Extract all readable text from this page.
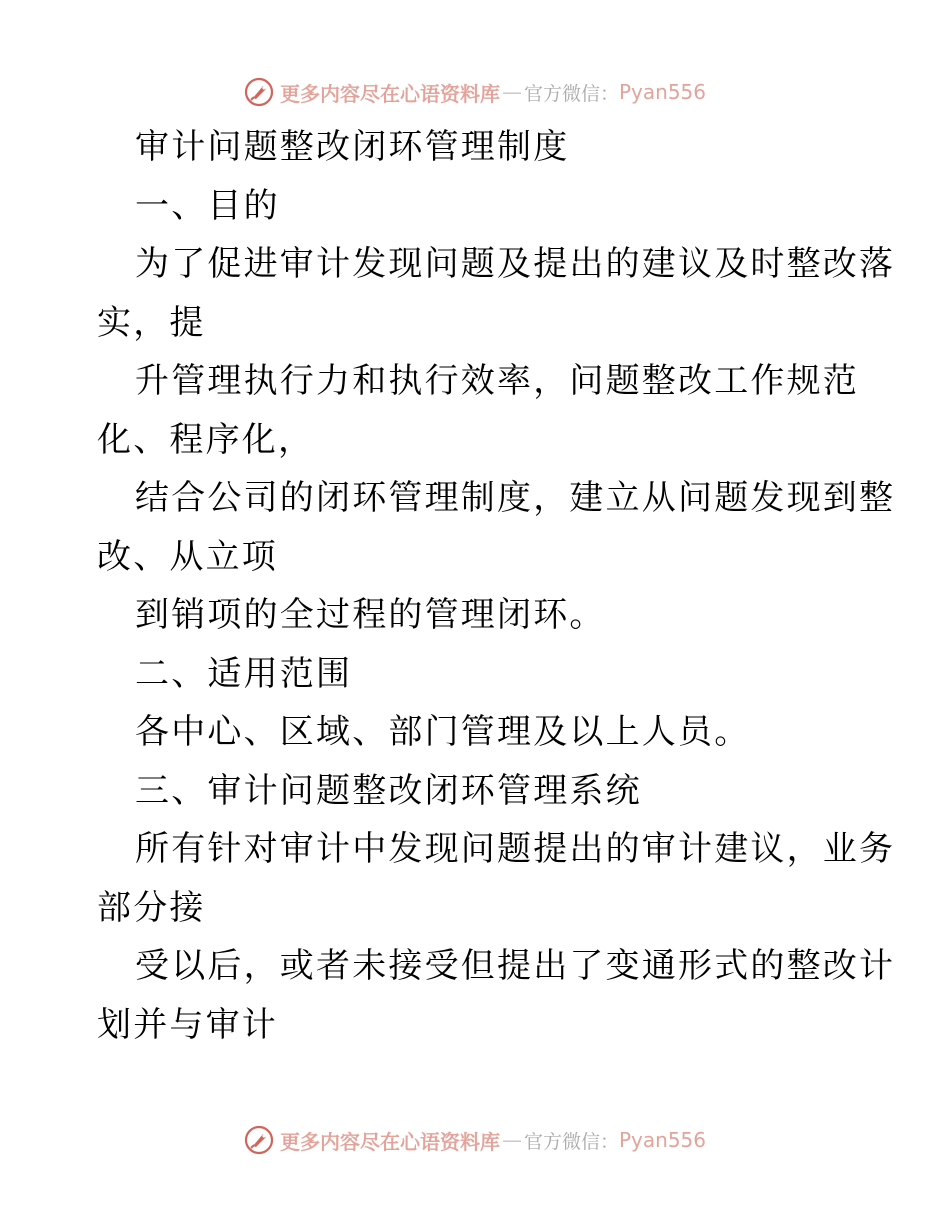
更多内容尽在心语资料库 — 官方微信： Pyan556
审计问题整改闭环管理制度
一、目的
为了促进审计发现问题及提出的建议及时整改落
实，提
升管理执行力和执行效率，问题整改工作规范
化、程序化，
结合公司的闭环管理制度，建立从问题发现到整
改、从立项
到销项的全过程的管理闭环。
二、适用范围
各中心、区域、部门管理及以上人员。
三、审计问题整改闭环管理系统
所有针对审计中发现问题提出的审计建议，业务
部分接
受以后，或者未接受但提出了变通形式的整改计
划并与审计
更多内容尽在心语资料库 — 官方微信： Pyan556
